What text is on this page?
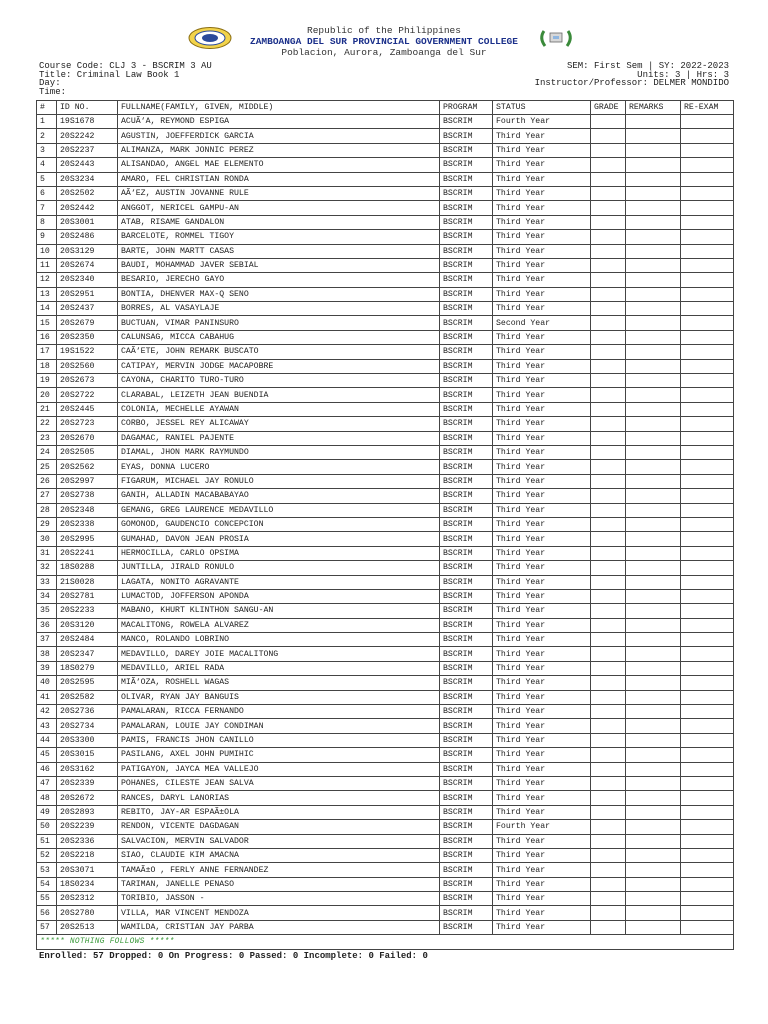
Republic of the Philippines
ZAMBOANGA DEL SUR PROVINCIAL GOVERNMENT COLLEGE
Poblacion, Aurora, Zamboanga del Sur
Course Code: CLJ 3 - BSCRIM 3 AU
Title: Criminal Law Book 1
Day:
Time:
SEM: First Sem | SY: 2022-2023
Units: 3 | Hrs: 3
Instructor/Professor: DELMER MONDIDO
#	ID NO.	FULLNAME(FAMILY, GIVEN, MIDDLE)	PROGRAM	STATUS	GRADE	REMARKS	RE-EXAM
1	19S1678	ACUÃ‘A, REYMOND ESPIGA	BSCRIM	Fourth Year			
2	20S2242	AGUSTIN, JOEFFERDICK GARCIA	BSCRIM	Third Year			
3	20S2237	ALIMANZA, MARK JONNIC PEREZ	BSCRIM	Third Year			
4	20S2443	ALISANDAO, ANGEL MAE ELEMENTO	BSCRIM	Third Year			
5	20S3234	AMARO, FEL CHRISTIAN RONDA	BSCRIM	Third Year			
6	20S2502	AÃ‘EZ, AUSTIN JOVANNE RULE	BSCRIM	Third Year			
7	20S2442	ANGGOT, NERICEL GAMPU-AN	BSCRIM	Third Year			
8	20S3001	ATAB, RISAME GANDALON	BSCRIM	Third Year			
9	20S2486	BARCELOTE, ROMMEL TIGOY	BSCRIM	Third Year			
10	20S3129	BARTE, JOHN MARTT CASAS	BSCRIM	Third Year			
11	20S2674	BAUDI, MOHAMMAD JAVER SEBIAL	BSCRIM	Third Year			
12	20S2340	BESARIO, JERECHO GAYO	BSCRIM	Third Year			
13	20S2951	BONTIA, DHENVER MAX-Q SENO	BSCRIM	Third Year			
14	20S2437	BORRES, AL VASAYLAJE	BSCRIM	Third Year			
15	20S2679	BUCTUAN, VIMAR PANINSURO	BSCRIM	Second Year			
16	20S2350	CALUNSAG, MICCA CABAHUG	BSCRIM	Third Year			
17	19S1522	CAÃ‘ETE, JOHN REMARK BUSCATO	BSCRIM	Third Year			
18	20S2560	CATIPAY, MERVIN JODGE MACAPOBRE	BSCRIM	Third Year			
19	20S2673	CAYONA, CHARITO TURO-TURO	BSCRIM	Third Year			
20	20S2722	CLARABAL, LEIZETH JEAN BUENDIA	BSCRIM	Third Year			
21	20S2445	COLONIA, MECHELLE AYAWAN	BSCRIM	Third Year			
22	20S2723	CORBO, JESSEL REY ALICAWAY	BSCRIM	Third Year			
23	20S2670	DAGAMAC, RANIEL PAJENTE	BSCRIM	Third Year			
24	20S2505	DIAMAL, JHON MARK RAYMUNDO	BSCRIM	Third Year			
25	20S2562	EYAS, DONNA LUCERO	BSCRIM	Third Year			
26	20S2997	FIGARUM, MICHAEL JAY RONULO	BSCRIM	Third Year			
27	20S2738	GANIH, ALLADIN MACABABAYAO	BSCRIM	Third Year			
28	20S2348	GEMANG, GREG LAURENCE MEDAVILLO	BSCRIM	Third Year			
29	20S2338	GOMONOD, GAUDENCIO CONCEPCION	BSCRIM	Third Year			
30	20S2995	GUMAHAD, DAVON JEAN PROSIA	BSCRIM	Third Year			
31	20S2241	HERMOCILLA, CARLO OPSIMA	BSCRIM	Third Year			
32	18S0288	JUNTILLA, JIRALD RONULO	BSCRIM	Third Year			
33	21S0028	LAGATA, NONITO AGRAVANTE	BSCRIM	Third Year			
34	20S2781	LUMACTOD, JOFFERSON APONDA	BSCRIM	Third Year			
35	20S2233	MABANO, KHURT KLINTHON SANGU-AN	BSCRIM	Third Year			
36	20S3120	MACALITONG, ROWELA ALVAREZ	BSCRIM	Third Year			
37	20S2484	MANCO, ROLANDO LOBRINO	BSCRIM	Third Year			
38	20S2347	MEDAVILLO, DAREY JOIE MACALITONG	BSCRIM	Third Year			
39	18S0279	MEDAVILLO, ARIEL RADA	BSCRIM	Third Year			
40	20S2595	MIÃ‘OZA, ROSHELL WAGAS	BSCRIM	Third Year			
41	20S2582	OLIVAR, RYAN JAY BANGUIS	BSCRIM	Third Year			
42	20S2736	PAMALARAN, RICCA FERNANDO	BSCRIM	Third Year			
43	20S2734	PAMALARAN, LOUIE JAY CONDIMAN	BSCRIM	Third Year			
44	20S3300	PAMIS, FRANCIS JHON CANILLO	BSCRIM	Third Year			
45	20S3015	PASILANG, AXEL JOHN PUMIHIC	BSCRIM	Third Year			
46	20S3162	PATIGAYON, JAYCA MEA VALLEJO	BSCRIM	Third Year			
47	20S2339	POHANES, CILESTE JEAN SALVA	BSCRIM	Third Year			
48	20S2672	RANCES, DARYL LANORIAS	BSCRIM	Third Year			
49	20S2893	REBITO, JAY-AR ESPAÃ±OLA	BSCRIM	Third Year			
50	20S2239	RENDON, VICENTE DAGDAGAN	BSCRIM	Fourth Year			
51	20S2336	SALVACION, MERVIN SALVADOR	BSCRIM	Third Year			
52	20S2218	SIAO, CLAUDIE KIM AMACNA	BSCRIM	Third Year			
53	20S3071	TAMAÃ±O , FERLY ANNE FERNANDEZ	BSCRIM	Third Year			
54	18S0234	TARIMAN, JANELLE PENASO	BSCRIM	Third Year			
55	20S2312	TORIBIO, JASSON -	BSCRIM	Third Year			
56	20S2780	VILLA, MAR VINCENT MENDOZA	BSCRIM	Third Year			
57	20S2513	WAMILDA, CRISTIAN JAY PARBA	BSCRIM	Third Year			
***** NOTHING FOLLOWS *****							
Enrolled: 57 Dropped: 0 On Progress: 0 Passed: 0 Incomplete: 0 Failed: 0
